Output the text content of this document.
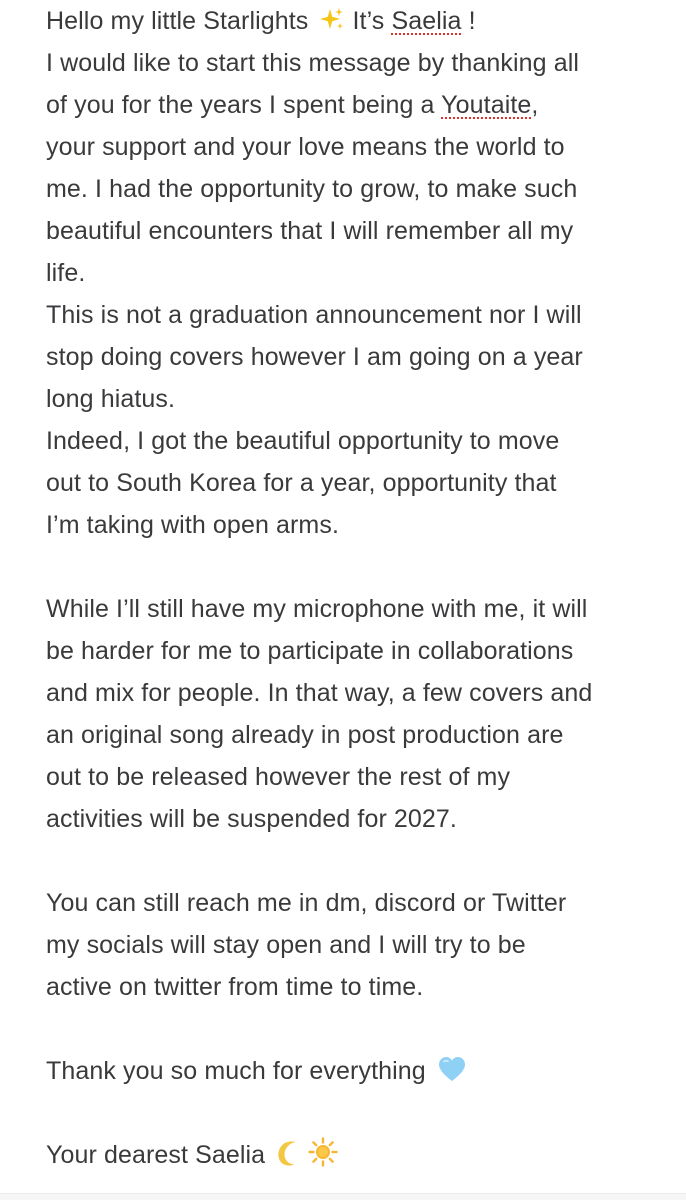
Hello my little Starlights It’s Saelia !
I would like to start this message by thanking all
of you for the years I spent being a Youtaite,
your support and your love means the world to
me. I had the opportunity to grow, to make such
beautiful encounters that I will remember all my
life.
This is not a graduation announcement nor I will
stop doing covers however I am going on a year
long hiatus.
Indeed, I got the beautiful opportunity to move
out to South Korea for a year, opportunity that
I’m taking with open arms.
While I’ll still have my microphone with me, it will
be harder for me to participate in collaborations
and mix for people. In that way, a few covers and
an original song already in post production are
out to be released however the rest of my
activities will be suspended for 2027.
You can still reach me in dm, discord or Twitter
my socials will stay open and I will try to be
active on twitter from time to time.
Thank you so much for everything
Your dearest Saelia
